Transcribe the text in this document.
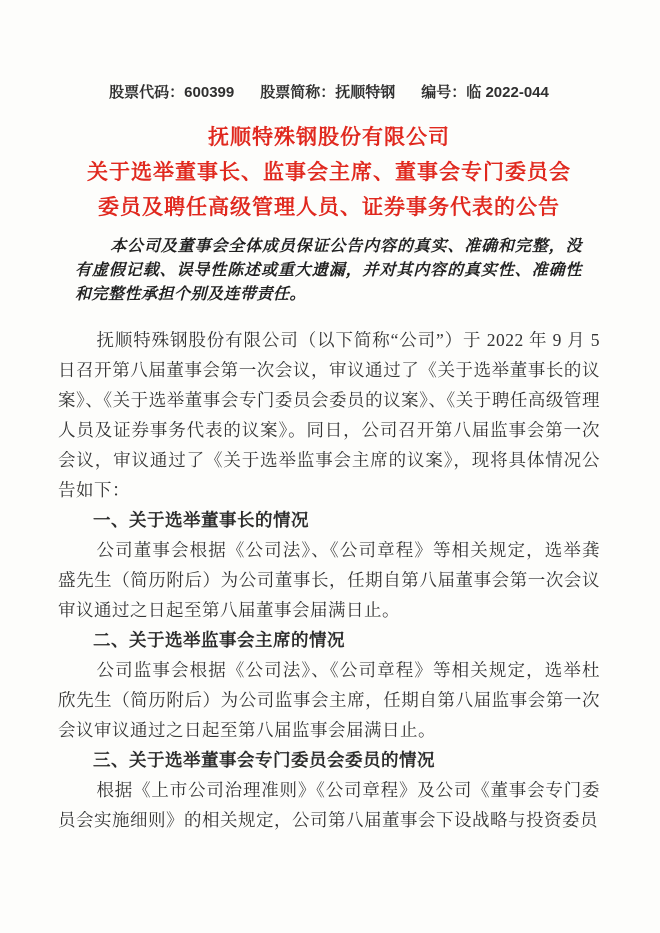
股票代码：600399 股票简称：抚顺特钢 编号：临 2022-044
抚顺特殊钢股份有限公司
关于选举董事长、监事会主席、董事会专门委员会
委员及聘任高级管理人员、证券事务代表的公告

本公司及董事会全体成员保证公告内容的真实、准确和完整，没有虚假记载、误导性陈述或重大遗漏，并对其内容的真实性、准确性和完整性承担个别及连带责任。

抚顺特殊钢股份有限公司（以下简称“公司”）于 2022 年 9 月 5 日召开第八届董事会第一次会议，审议通过了《关于选举董事长的议案》、《关于选举董事会专门委员会委员的议案》、《关于聘任高级管理人员及证券事务代表的议案》。同日，公司召开第八届监事会第一次会议，审议通过了《关于选举监事会主席的议案》，现将具体情况公告如下：

一、关于选举董事长的情况

公司董事会根据《公司法》、《公司章程》等相关规定，选举龚盛先生（简历附后）为公司董事长，任期自第八届董事会第一次会议审议通过之日起至第八届董事会届满日止。

二、关于选举监事会主席的情况

公司监事会根据《公司法》、《公司章程》等相关规定，选举杜欣先生（简历附后）为公司监事会主席，任期自第八届监事会第一次会议审议通过之日起至第八届监事会届满日止。

三、关于选举董事会专门委员会委员的情况

根据《上市公司治理准则》《公司章程》及公司《董事会专门委员会实施细则》的相关规定，公司第八届董事会下设战略与投资委员
